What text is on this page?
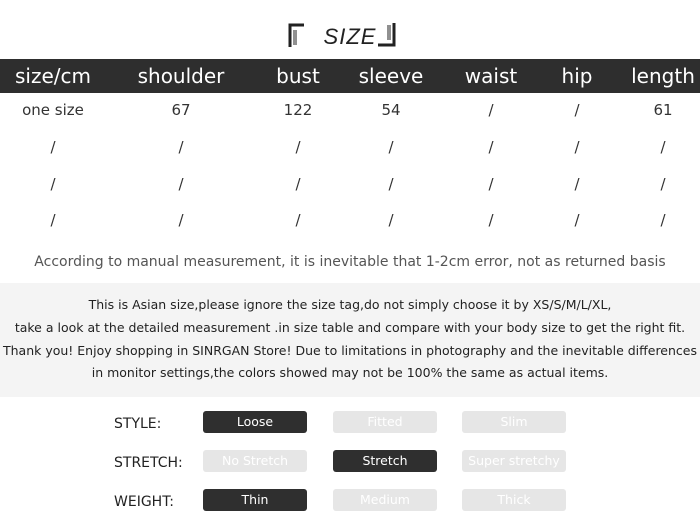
SIZE
size/cm	shoulder	bust	sleeve	waist	hip	length
one size	67	122	54	/	/	61
/	/	/	/	/	/	/
/	/	/	/	/	/	/
/	/	/	/	/	/	/
According to manual measurement, it is inevitable that 1-2cm error, not as returned basis
This is Asian size,please ignore the size tag,do not simply choose it by XS/S/M/L/XL,
take a look at the detailed measurement .in size table and compare with your body size to get the right fit.
Thank you! Enjoy shopping in SINRGAN Store! Due to limitations in photography and the inevitable differences
in monitor settings,the colors showed may not be 100% the same as actual items.
STYLE:	Loose	Fitted	Slim
STRETCH:	No Stretch	Stretch	Super stretchy
WEIGHT:	Thin	Medium	Thick
